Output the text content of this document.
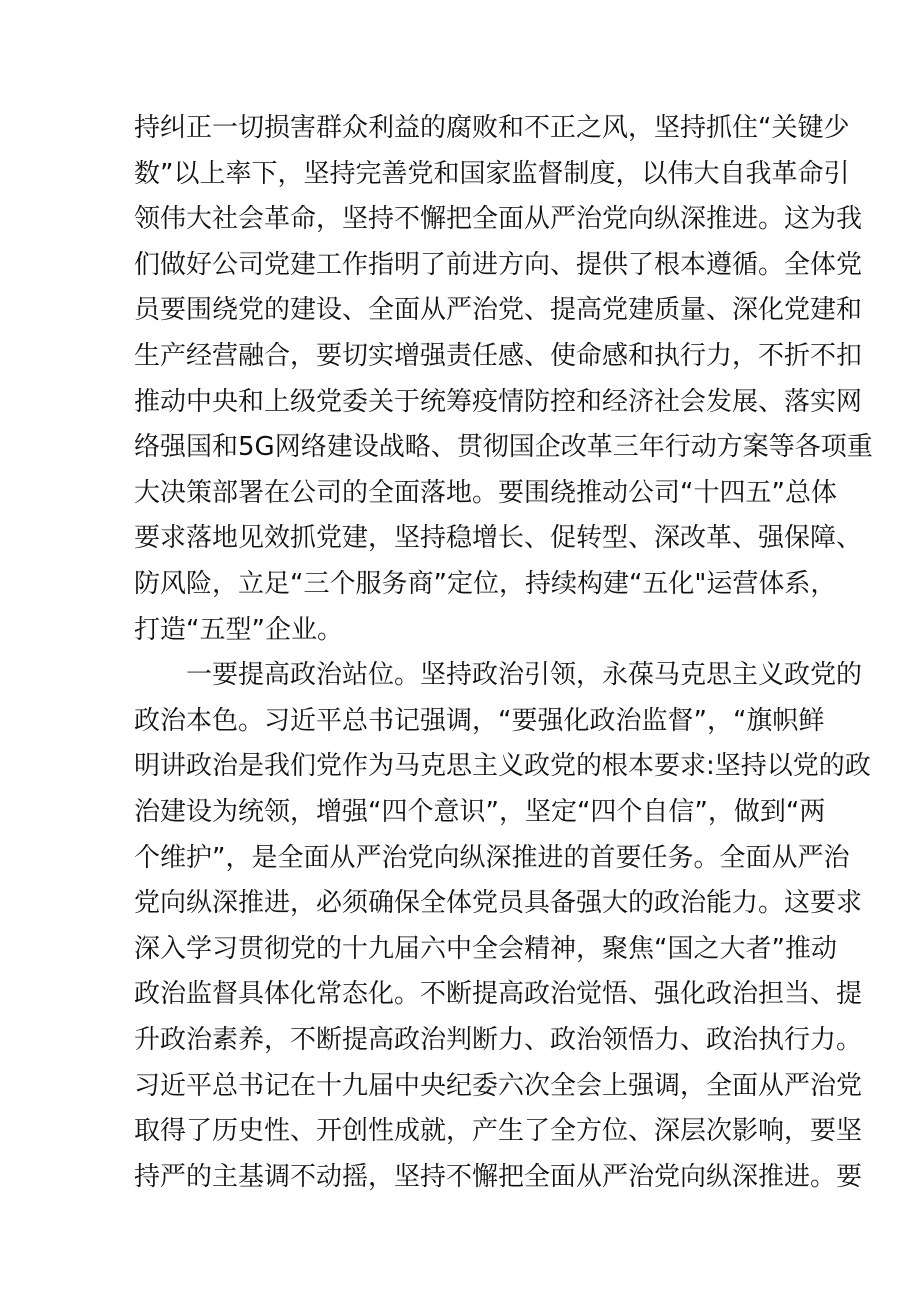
持纠正一切损害群众利益的腐败和不正之风，坚持抓住“关键少
数”以上率下，坚持完善党和国家监督制度，以伟大自我革命引
领伟大社会革命，坚持不懈把全面从严治党向纵深推进。这为我
们做好公司党建工作指明了前进方向、提供了根本遵循。全体党
员要围绕党的建设、全面从严治党、提高党建质量、深化党建和
生产经营融合，要切实增强责任感、使命感和执行力，不折不扣
推动中央和上级党委关于统筹疫情防控和经济社会发展、落实网
络强国和5G网络建设战略、贯彻国企改革三年行动方案等各项重
大决策部署在公司的全面落地。要围绕推动公司“十四五”总体
要求落地见效抓党建，坚持稳增长、促转型、深改革、强保障、
防风险，立足“三个服务商”定位，持续构建“五化"运营体系，
打造“五型”企业。
一要提高政治站位。坚持政治引领，永葆马克思主义政党的
政治本色。习近平总书记强调，“要强化政治监督”，“旗帜鲜
明讲政治是我们党作为马克思主义政党的根本要求:坚持以党的政
治建设为统领，增强“四个意识”，坚定“四个自信”，做到“两
个维护”，是全面从严治党向纵深推进的首要任务。全面从严治
党向纵深推进，必须确保全体党员具备强大的政治能力。这要求
深入学习贯彻党的十九届六中全会精神，聚焦“国之大者”推动
政治监督具体化常态化。不断提高政治觉悟、强化政治担当、提
升政治素养，不断提高政治判断力、政治领悟力、政治执行力。
习近平总书记在十九届中央纪委六次全会上强调，全面从严治党
取得了历史性、开创性成就，产生了全方位、深层次影响，要坚
持严的主基调不动摇，坚持不懈把全面从严治党向纵深推进。要
